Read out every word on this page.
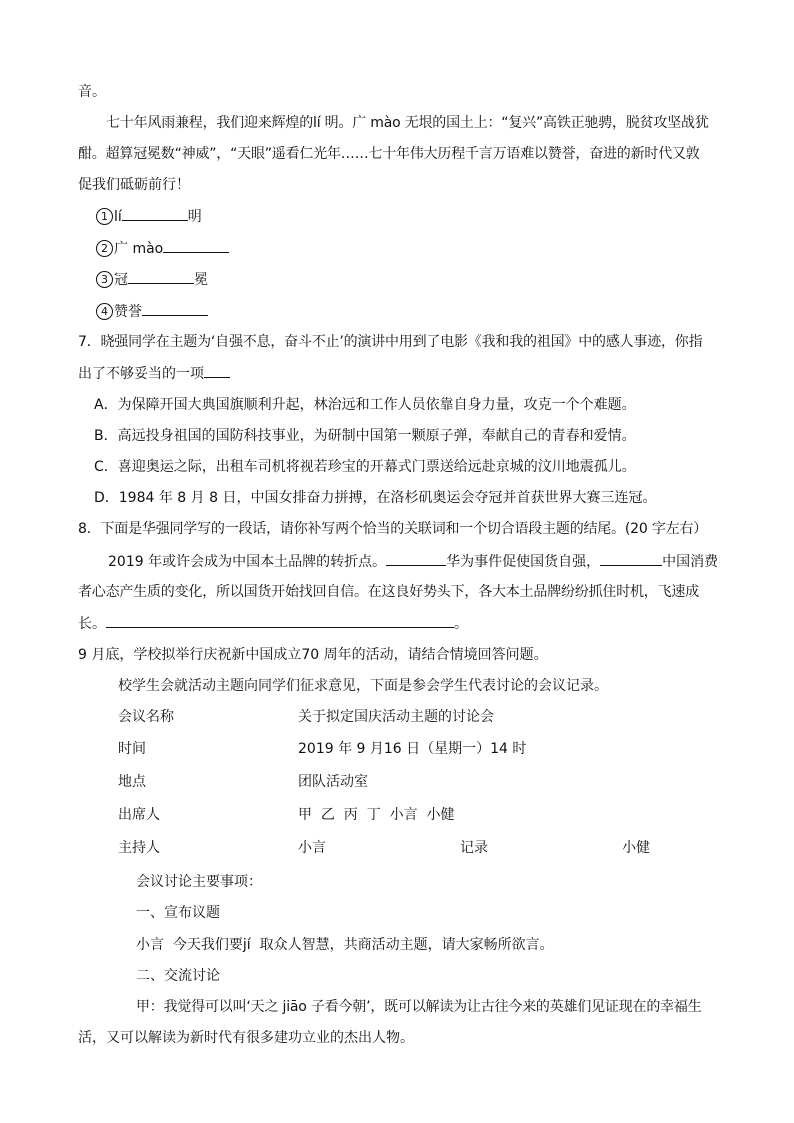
音。
七十年风雨兼程，我们迎来辉煌的lí 明。广 mào 无垠的国土上：“复兴”高铁正驰骋，脱贫攻坚战犹
酣。超算冠冕数“神威”，“天眼”遥看仁光年……七十年伟大历程千言万语难以赞誉，奋进的新时代又敦
促我们砥砺前行！
1 lí	明
2 广 mào
3 冠	冕
4 赞誉
7．晓强同学在主题为‘自强不息，奋斗不止’的演讲中用到了电影《我和我的祖国》中的感人事迹，你指
出了不够妥当的一项
A．为保障开国大典国旗顺利升起，林治远和工作人员依靠自身力量，攻克一个个难题。
B．高远投身祖国的国防科技事业，为研制中国第一颗原子弹，奉献自己的青春和爱情。
C．喜迎奥运之际，出租车司机将视若珍宝的开幕式门票送给远赴京城的汶川地震孤儿。
D．1984 年 8 月 8 日，中国女排奋力拼搏，在洛杉矶奥运会夺冠并首获世界大赛三连冠。
8．下面是华强同学写的一段话，请你补写两个恰当的关联词和一个切合语段主题的结尾。(20 字左右）
2019 年或许会成为中国本土品牌的转折点。	华为事件促使国货自强，	中国消费
者心态产生质的变化，所以国货开始找回自信。在这良好势头下，各大本土品牌纷纷抓住时机，飞速成
长。	。
9 月底，学校拟举行庆祝新中国成立70 周年的活动，请结合情境回答问题。
校学生会就活动主题向同学们征求意见，下面是参会学生代表讨论的会议记录。
会议名称	关于拟定国庆活动主题的讨论会
时间	2019 年 9 月16 日（星期一）14 时
地点	团队活动室
出席人	甲  乙  丙  丁  小言  小健
主持人	小言	记录	小健
会议讨论主要事项：
一、宣布议题
小言  今天我们要jí  取众人智慧，共商活动主题，请大家畅所欲言。
二、交流讨论
甲：我觉得可以叫‘天之 jiāo 子看今朝’，既可以解读为让古往今来的英雄们见证现在的幸福生
活，又可以解读为新时代有很多建功立业的杰出人物。
